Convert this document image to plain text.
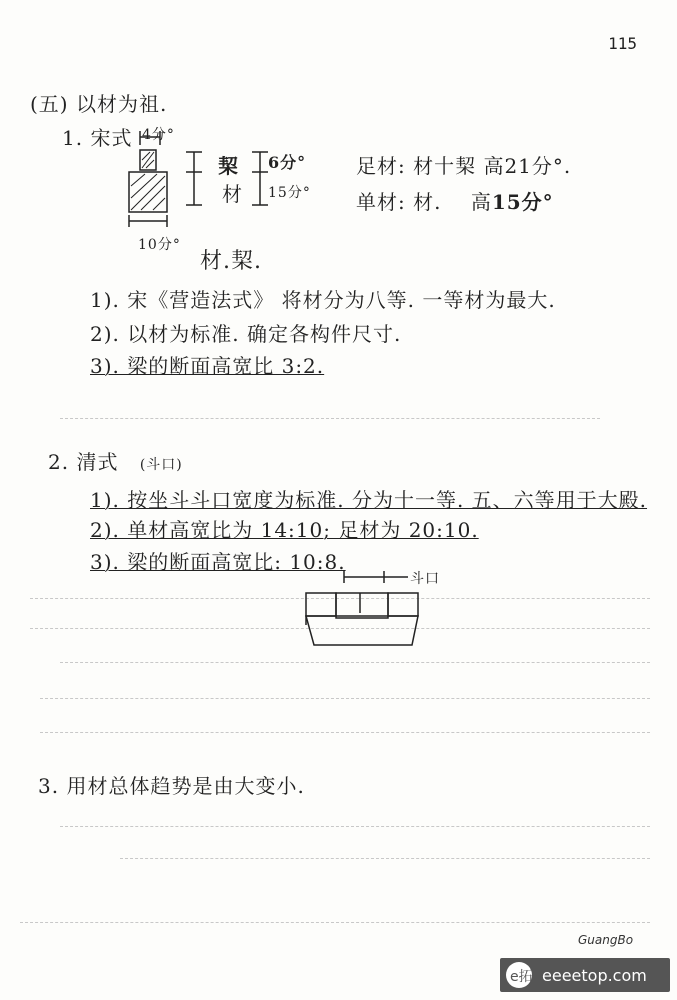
115
(五) 以材为祖.
1. 宋式 4分°
10分°
栔
材
6分°
15分°
足材: 材十栔 高21分°.
单材: 材. 高15分°
材.栔.
1). 宋《营造法式》 将材分为八等. 一等材为最大.
2). 以材为标准. 确定各构件尺寸.
3). 梁的断面高宽比 3:2.
2. 清式 (斗口)
1). 按坐斗斗口宽度为标准. 分为十一等. 五、六等用于大殿.
2). 单材高宽比为 14:10; 足材为 20:10.
3). 梁的断面高宽比: 10:8.
斗口
3. 用材总体趋势是由大变小.
GuangBo
e拓 eeeetop.com
